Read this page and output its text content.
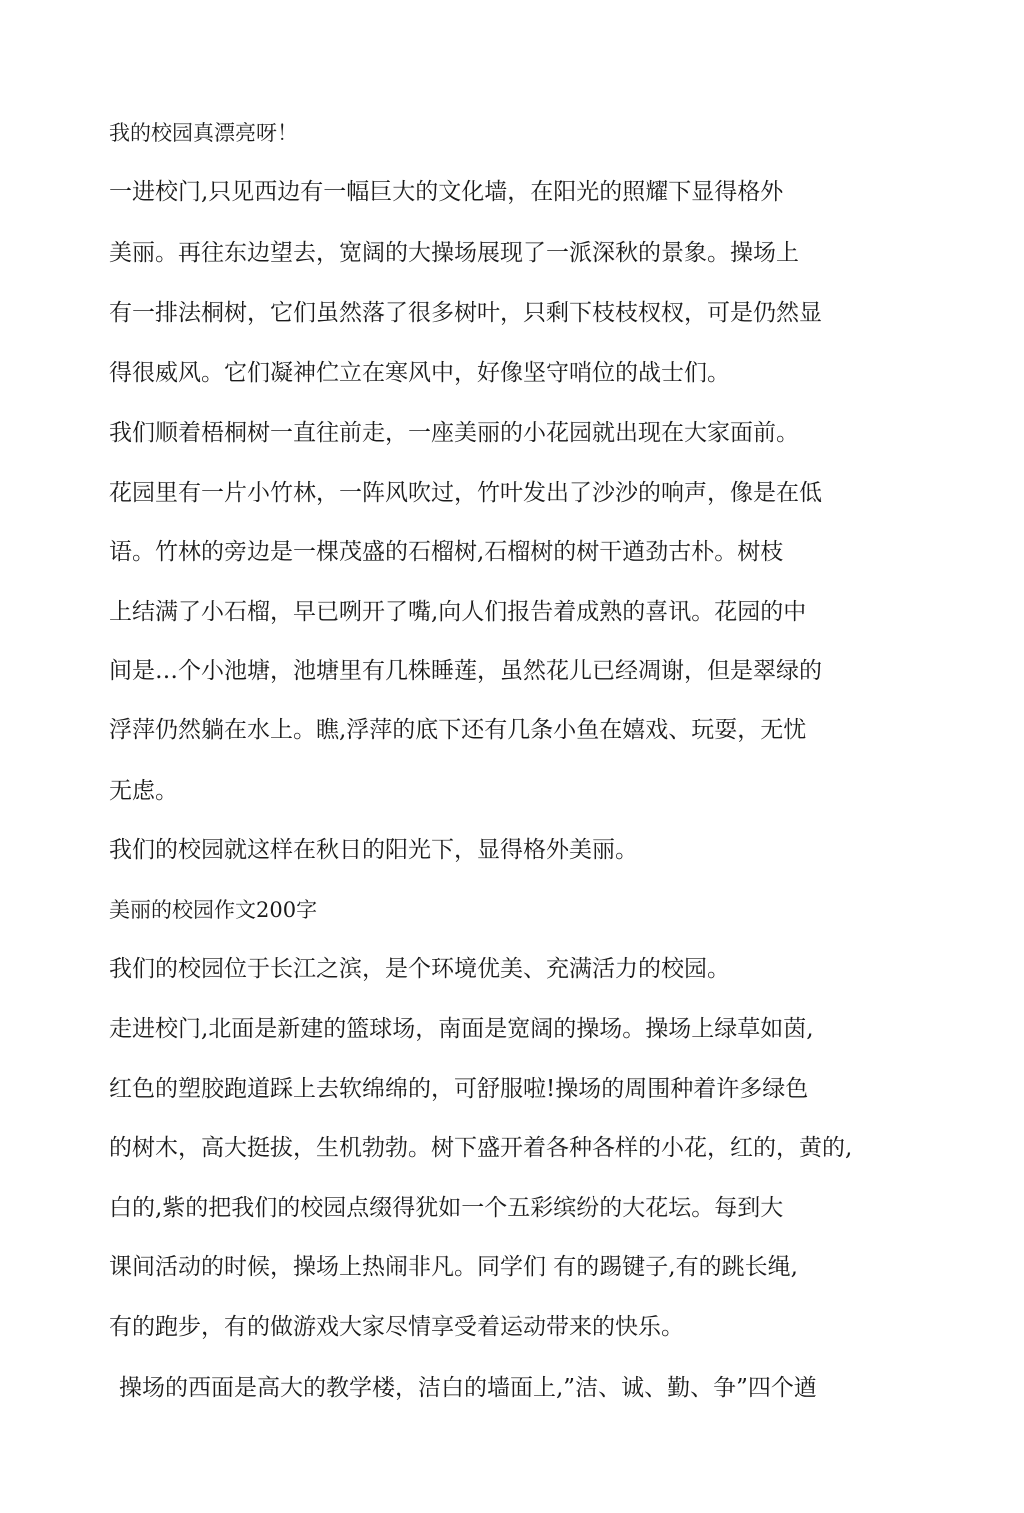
我的校园真漂亮呀！

一进校门,只见西边有一幅巨大的文化墙，在阳光的照耀下显得格外

美丽。再往东边望去，宽阔的大操场展现了一派深秋的景象。操场上

有一排法桐树，它们虽然落了很多树叶，只剩下枝枝杈杈，可是仍然显

得很威风。它们凝神伫立在寒风中，好像坚守哨位的战士们。

我们顺着梧桐树一直往前走，一座美丽的小花园就出现在大家面前。

花园里有一片小竹林，一阵风吹过，竹叶发出了沙沙的响声，像是在低

语。竹林的旁边是一棵茂盛的石榴树,石榴树的树干遒劲古朴。树枝

上结满了小石榴，早已咧开了嘴,向人们报告着成熟的喜讯。花园的中

间是…个小池塘，池塘里有几株睡莲，虽然花儿已经凋谢，但是翠绿的

浮萍仍然躺在水上。瞧,浮萍的底下还有几条小鱼在嬉戏、玩耍，无忧

无虑。

我们的校园就这样在秋日的阳光下，显得格外美丽。

美丽的校园作文200字

我们的校园位于长江之滨，是个环境优美、充满活力的校园。

走进校门,北面是新建的篮球场，南面是宽阔的操场。操场上绿草如茵,

红色的塑胶跑道踩上去软绵绵的，可舒服啦!操场的周围种着许多绿色

的树木，高大挺拔，生机勃勃。树下盛开着各种各样的小花，红的，黄的,

白的,紫的把我们的校园点缀得犹如一个五彩缤纷的大花坛。每到大

课间活动的时候，操场上热闹非凡。同学们 有的踢键子,有的跳长绳,

有的跑步，有的做游戏大家尽情享受着运动带来的快乐。

操场的西面是高大的教学楼，洁白的墙面上,”洁、诚、勤、争”四个遒
